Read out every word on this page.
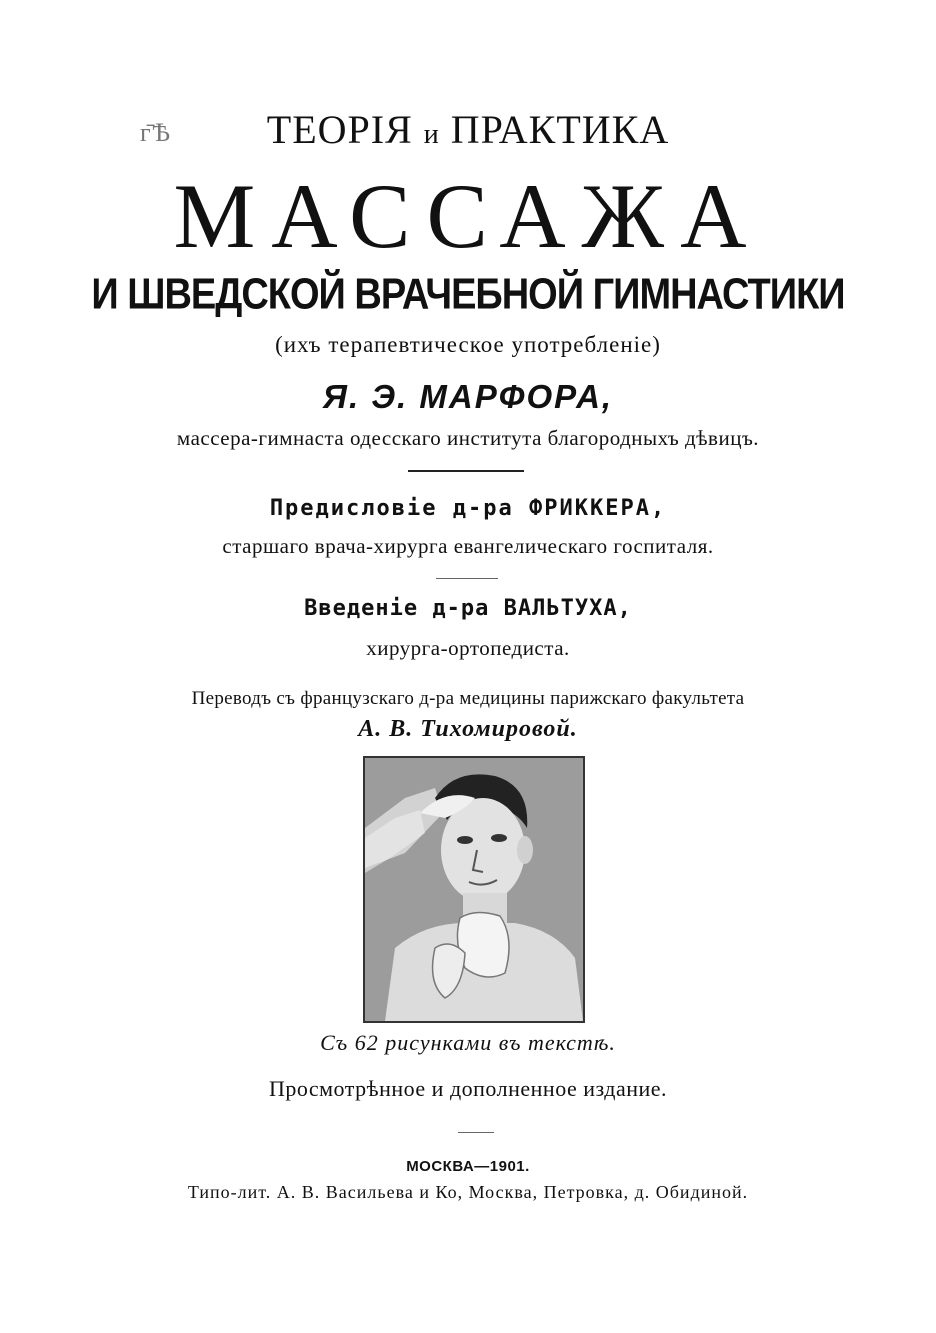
г̄Ѣ	ТЕОРІЯ и ПРАКТИКА
МАССАЖА
И ШВЕДСКОЙ ВРАЧЕБНОЙ ГИМНАСТИКИ
(ихъ терапевтическое употребленіе)
Я. Э. МАРФОРА,
массера-гимнаста одесскаго института благородныхъ дѣвицъ.
Предисловіе д-ра ФРИККЕРА,
старшаго врача-хирурга евангелическаго госпиталя.
Введеніе д-ра ВАЛЬТУХА,
хирурга-ортопедиста.
Переводъ съ французскаго д-ра медицины парижскаго факультета
А. В. Тихомировой.
Съ 62 рисунками въ текстѣ.
Просмотрѣнное и дополненное издание.
МОСКВА—1901.
Типо-лит. А. В. Васильева и Ко, Москва, Петровка, д. Обидиной.
